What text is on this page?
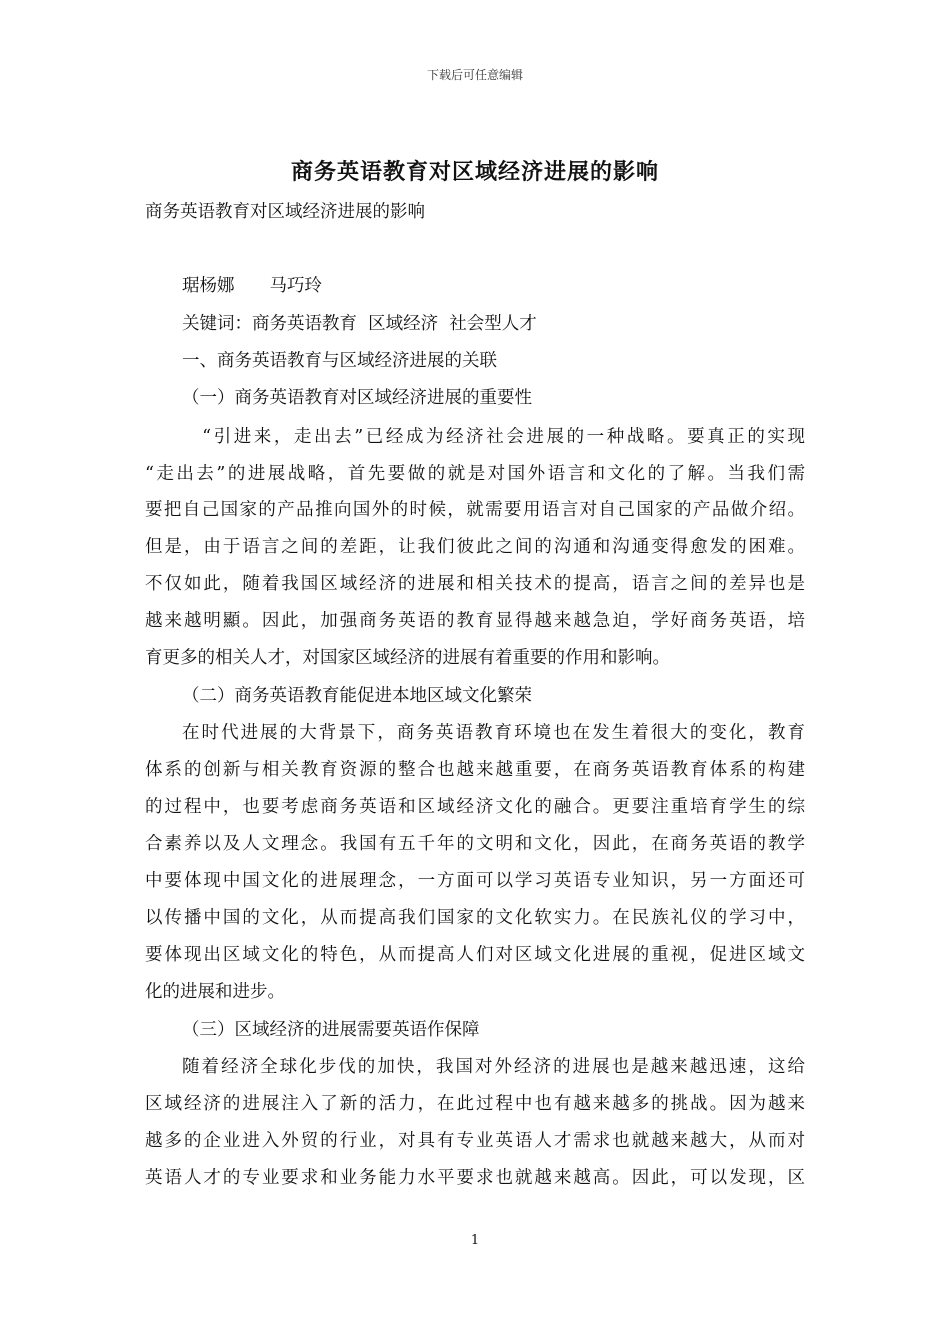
下载后可任意编辑
商务英语教育对区域经济进展的影响
商务英语教育对区域经济进展的影响
琚杨娜　　马巧玲
关键词：商务英语教育  区域经济  社会型人才
一、商务英语教育与区域经济进展的关联
（一）商务英语教育对区域经济进展的重要性
　“引进来，走出去”已经成为经济社会进展的一种战略。要真正的实现
“走出去”的进展战略，首先要做的就是对国外语言和文化的了解。当我们需
要把自己国家的产品推向国外的时候，就需要用语言对自己国家的产品做介绍。
但是，由于语言之间的差距，让我们彼此之间的沟通和沟通变得愈发的困难。
不仅如此，随着我国区域经济的进展和相关技术的提高，语言之间的差异也是
越来越明顯。因此，加强商务英语的教育显得越来越急迫，学好商务英语，培
育更多的相关人才，对国家区域经济的进展有着重要的作用和影响。
（二）商务英语教育能促进本地区域文化繁荣
在时代进展的大背景下，商务英语教育环境也在发生着很大的变化，教育
体系的创新与相关教育资源的整合也越来越重要，在商务英语教育体系的构建
的过程中，也要考虑商务英语和区域经济文化的融合。更要注重培育学生的综
合素养以及人文理念。我国有五千年的文明和文化，因此，在商务英语的教学
中要体现中国文化的进展理念，一方面可以学习英语专业知识，另一方面还可
以传播中国的文化，从而提高我们国家的文化软实力。在民族礼仪的学习中，
要体现出区域文化的特色，从而提高人们对区域文化进展的重视，促进区域文
化的进展和进步。
（三）区域经济的进展需要英语作保障
随着经济全球化步伐的加快，我国对外经济的进展也是越来越迅速，这给
区域经济的进展注入了新的活力，在此过程中也有越来越多的挑战。因为越来
越多的企业进入外贸的行业，对具有专业英语人才需求也就越来越大，从而对
英语人才的专业要求和业务能力水平要求也就越来越高。因此，可以发现，区
1
